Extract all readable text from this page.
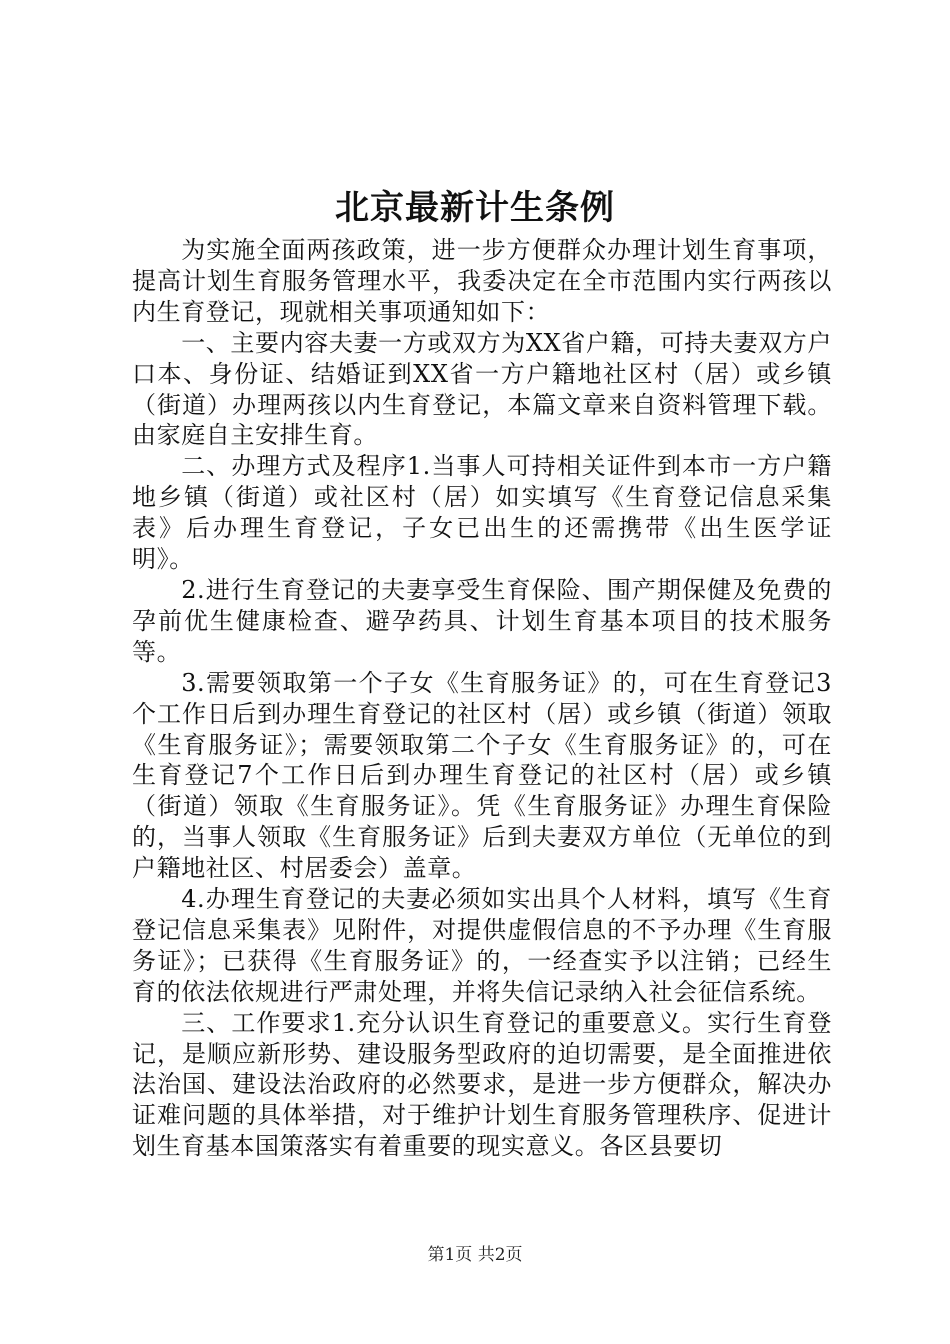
北京最新计生条例

为实施全面两孩政策，进一步方便群众办理计划生育事项，提高计划生育服务管理水平，我委决定在全市范围内实行两孩以内生育登记，现就相关事项通知如下：

一、主要内容夫妻一方或双方为XX省户籍，可持夫妻双方户口本、身份证、结婚证到XX省一方户籍地社区村（居）或乡镇（街道）办理两孩以内生育登记，本篇文章来自资料管理下载。由家庭自主安排生育。

二、办理方式及程序1.当事人可持相关证件到本市一方户籍地乡镇（街道）或社区村（居）如实填写《生育登记信息采集表》后办理生育登记，子女已出生的还需携带《出生医学证明》。

2.进行生育登记的夫妻享受生育保险、围产期保健及免费的孕前优生健康检查、避孕药具、计划生育基本项目的技术服务等。

3.需要领取第一个子女《生育服务证》的，可在生育登记3个工作日后到办理生育登记的社区村（居）或乡镇（街道）领取《生育服务证》；需要领取第二个子女《生育服务证》的，可在生育登记7个工作日后到办理生育登记的社区村（居）或乡镇（街道）领取《生育服务证》。凭《生育服务证》办理生育保险的，当事人领取《生育服务证》后到夫妻双方单位（无单位的到户籍地社区、村居委会）盖章。

4.办理生育登记的夫妻必须如实出具个人材料，填写《生育登记信息采集表》见附件，对提供虚假信息的不予办理《生育服务证》；已获得《生育服务证》的，一经查实予以注销；已经生育的依法依规进行严肃处理，并将失信记录纳入社会征信系统。

三、工作要求1.充分认识生育登记的重要意义。实行生育登记，是顺应新形势、建设服务型政府的迫切需要，是全面推进依法治国、建设法治政府的必然要求，是进一步方便群众，解决办证难问题的具体举措，对于维护计划生育服务管理秩序、促进计划生育基本国策落实有着重要的现实意义。各区县要切

第1页 共2页
